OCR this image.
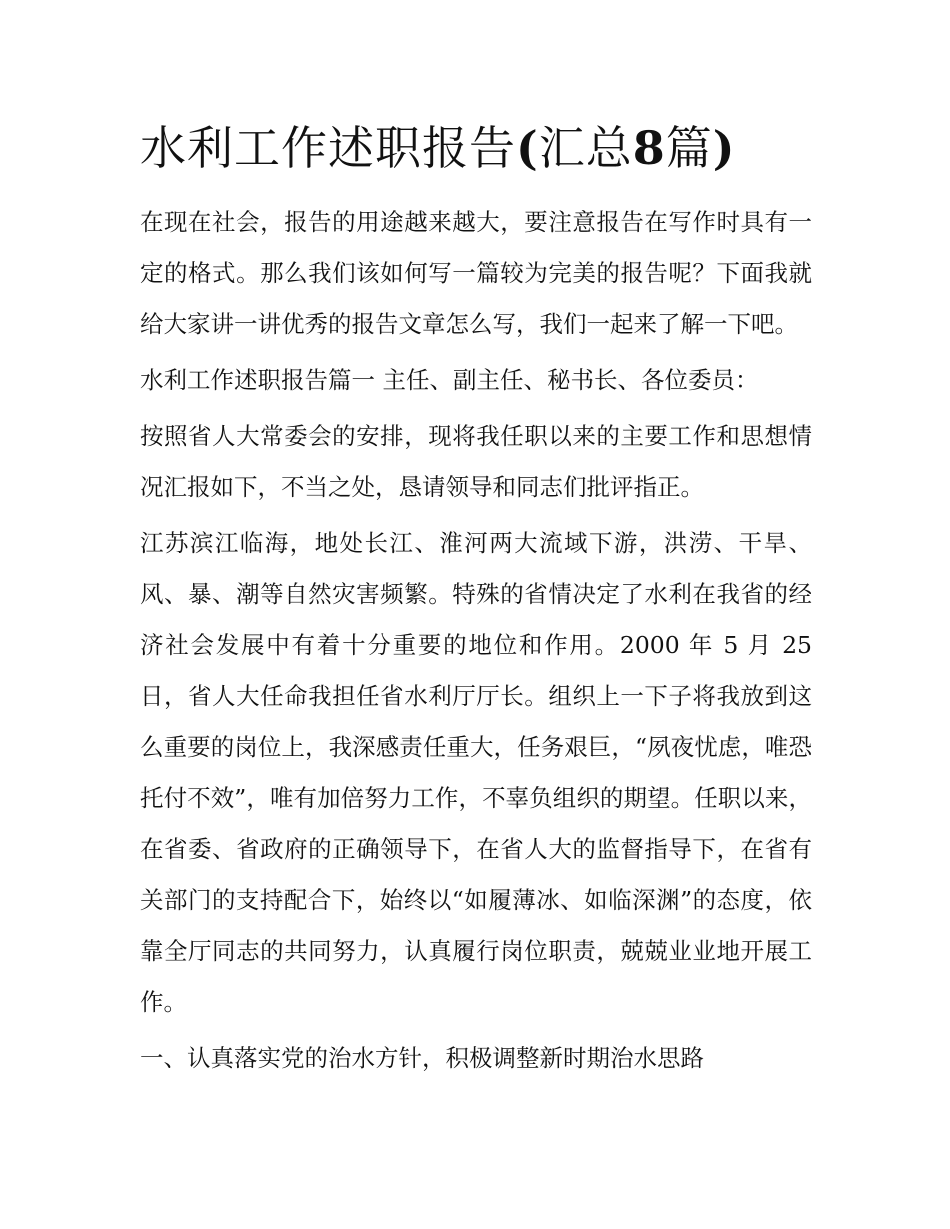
水利工作述职报告(汇总8篇)

在现在社会，报告的用途越来越大，要注意报告在写作时具有一定的格式。那么我们该如何写一篇较为完美的报告呢？下面我就给大家讲一讲优秀的报告文章怎么写，我们一起来了解一下吧。

水利工作述职报告篇一 主任、副主任、秘书长、各位委员：

按照省人大常委会的安排，现将我任职以来的主要工作和思想情况汇报如下，不当之处，恳请领导和同志们批评指正。

江苏滨江临海，地处长江、淮河两大流域下游，洪涝、干旱、风、暴、潮等自然灾害频繁。特殊的省情决定了水利在我省的经济社会发展中有着十分重要的地位和作用。2000 年 5 月 25 日，省人大任命我担任省水利厅厅长。组织上一下子将我放到这么重要的岗位上，我深感责任重大，任务艰巨，“夙夜忧虑，唯恐托付不效”，唯有加倍努力工作，不辜负组织的期望。任职以来，在省委、省政府的正确领导下，在省人大的监督指导下，在省有关部门的支持配合下，始终以“如履薄冰、如临深渊”的态度，依靠全厅同志的共同努力，认真履行岗位职责，兢兢业业地开展工作。

一、认真落实党的治水方针，积极调整新时期治水思路
